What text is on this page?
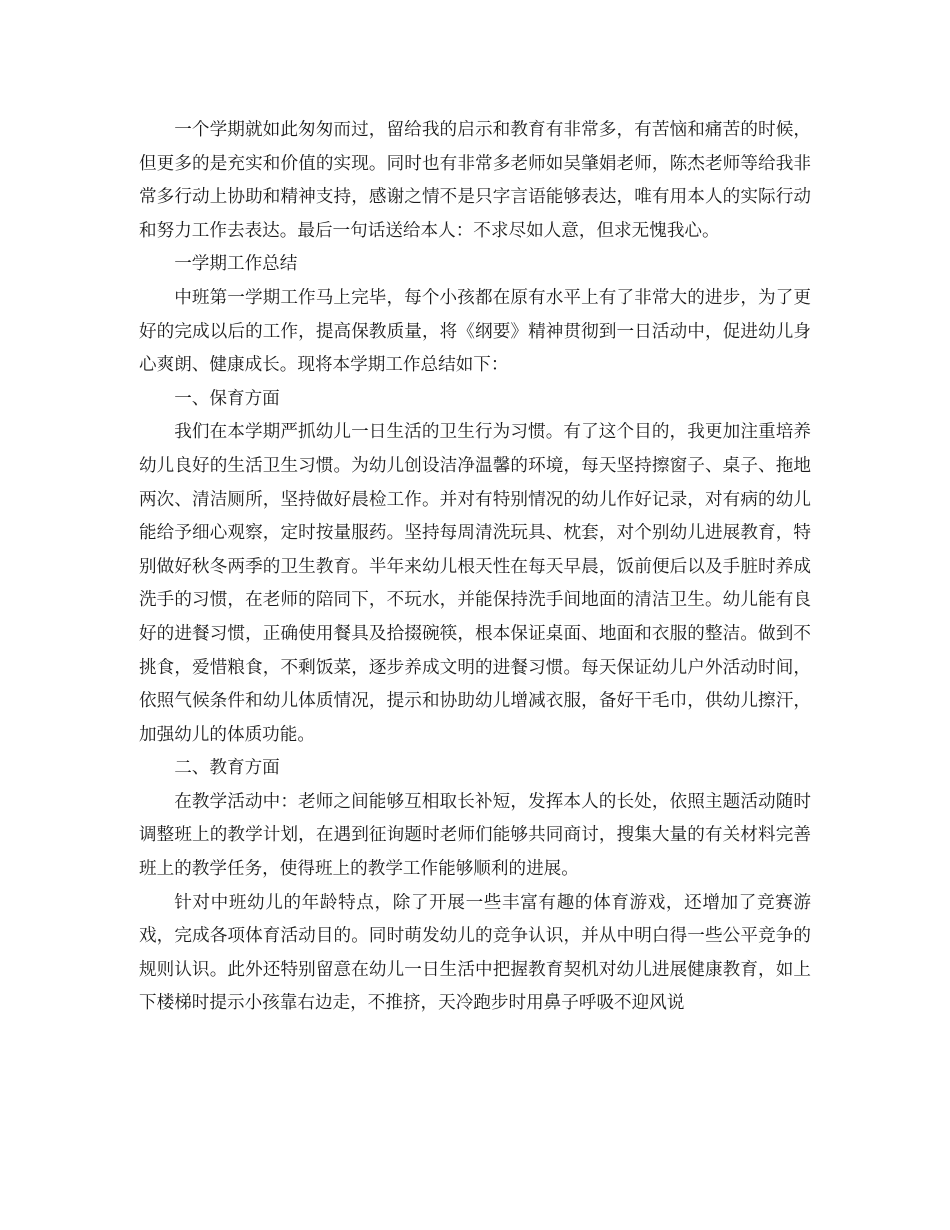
一个学期就如此匆匆而过，留给我的启示和教育有非常多，有苦恼和痛苦的时候，但更多的是充实和价值的实现。同时也有非常多老师如吴肇娟老师，陈杰老师等给我非常多行动上协助和精神支持，感谢之情不是只字言语能够表达，唯有用本人的实际行动和努力工作去表达。最后一句话送给本人：不求尽如人意，但求无愧我心。

一学期工作总结

中班第一学期工作马上完毕，每个小孩都在原有水平上有了非常大的进步，为了更好的完成以后的工作，提高保教质量，将《纲要》精神贯彻到一日活动中，促进幼儿身心爽朗、健康成长。现将本学期工作总结如下：

一、保育方面

我们在本学期严抓幼儿一日生活的卫生行为习惯。有了这个目的，我更加注重培养幼儿良好的生活卫生习惯。为幼儿创设洁净温馨的环境，每天坚持擦窗子、桌子、拖地两次、清洁厕所，坚持做好晨检工作。并对有特别情况的幼儿作好记录，对有病的幼儿能给予细心观察，定时按量服药。坚持每周清洗玩具、枕套，对个别幼儿进展教育，特别做好秋冬两季的卫生教育。半年来幼儿根天性在每天早晨，饭前便后以及手脏时养成洗手的习惯，在老师的陪同下，不玩水，并能保持洗手间地面的清洁卫生。幼儿能有良好的进餐习惯，正确使用餐具及拾掇碗筷，根本保证桌面、地面和衣服的整洁。做到不挑食，爱惜粮食，不剩饭菜，逐步养成文明的进餐习惯。每天保证幼儿户外活动时间，依照气候条件和幼儿体质情况，提示和协助幼儿增减衣服，备好干毛巾，供幼儿擦汗，加强幼儿的体质功能。

二、教育方面

在教学活动中：老师之间能够互相取长补短，发挥本人的长处，依照主题活动随时调整班上的教学计划，在遇到征询题时老师们能够共同商讨，搜集大量的有关材料完善班上的教学任务，使得班上的教学工作能够顺利的进展。

针对中班幼儿的年龄特点，除了开展一些丰富有趣的体育游戏，还增加了竞赛游戏，完成各项体育活动目的。同时萌发幼儿的竞争认识，并从中明白得一些公平竞争的规则认识。此外还特别留意在幼儿一日生活中把握教育契机对幼儿进展健康教育，如上下楼梯时提示小孩靠右边走，不推挤，天冷跑步时用鼻子呼吸不迎风说
